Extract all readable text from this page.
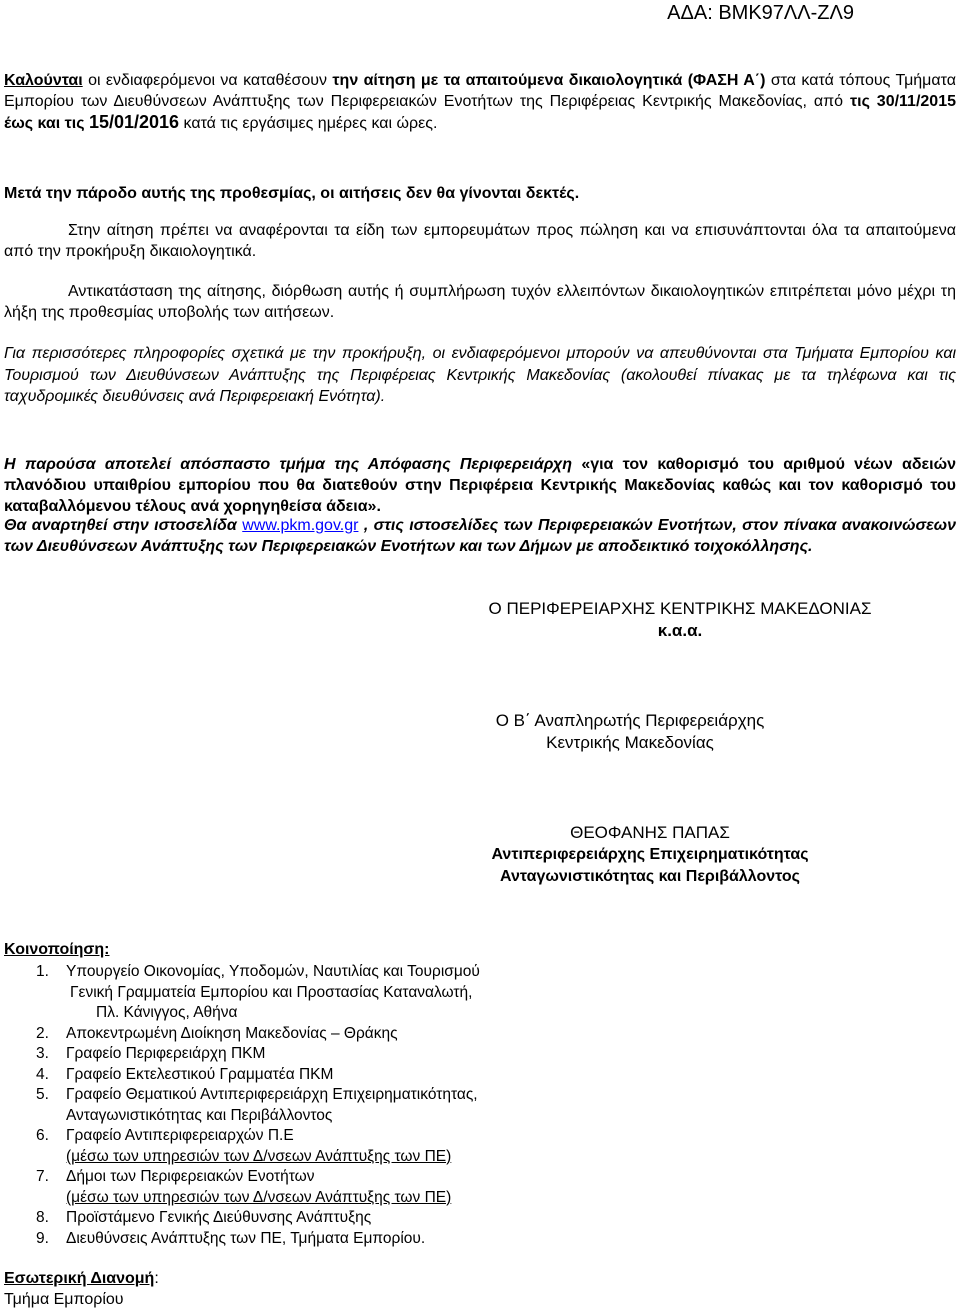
ΑΔΑ: ΒΜΚ97ΛΛ-ΖΛ9
Καλούνται οι ενδιαφερόμενοι να καταθέσουν την αίτηση με τα απαιτούμενα δικαιολογητικά (ΦΑΣΗ Α΄) στα κατά τόπους Τμήματα Εμπορίου των Διευθύνσεων Ανάπτυξης των Περιφερειακών Ενοτήτων της Περιφέρειας Κεντρικής Μακεδονίας, από τις 30/11/2015 έως και τις 15/01/2016 κατά τις εργάσιμες ημέρες και ώρες.
Μετά την πάροδο αυτής της προθεσμίας, οι αιτήσεις δεν θα γίνονται δεκτές.
Στην αίτηση πρέπει να αναφέρονται τα είδη των εμπορευμάτων προς πώληση και να επισυνάπτονται όλα τα απαιτούμενα από την προκήρυξη δικαιολογητικά.
Αντικατάσταση της αίτησης, διόρθωση αυτής ή συμπλήρωση τυχόν ελλειπόντων δικαιολογητικών επιτρέπεται μόνο μέχρι τη λήξη της προθεσμίας υποβολής των αιτήσεων.
Για περισσότερες πληροφορίες σχετικά με την προκήρυξη, οι ενδιαφερόμενοι μπορούν να απευθύνονται στα Τμήματα Εμπορίου και Τουρισμού των Διευθύνσεων Ανάπτυξης της Περιφέρειας Κεντρικής Μακεδονίας (ακολουθεί πίνακας με τα τηλέφωνα και τις ταχυδρομικές διευθύνσεις ανά Περιφερειακή Ενότητα).
Η παρούσα αποτελεί απόσπαστο τμήμα της Απόφασης Περιφερειάρχη «για τον καθορισμό του αριθμού νέων αδειών πλανόδιου υπαιθρίου εμπορίου που θα διατεθούν στην Περιφέρεια Κεντρικής Μακεδονίας καθώς και τον καθορισμό του καταβαλλόμενου τέλους ανά χορηγηθείσα άδεια».
Θα αναρτηθεί στην ιστοσελίδα www.pkm.gov.gr , στις ιστοσελίδες των Περιφερειακών Ενοτήτων, στον πίνακα ανακοινώσεων των Διευθύνσεων Ανάπτυξης των Περιφερειακών Ενοτήτων και των Δήμων με αποδεικτικό τοιχοκόλλησης.
Ο ΠΕΡΙΦΕΡΕΙΑΡΧΗΣ ΚΕΝΤΡΙΚΗΣ ΜΑΚΕΔΟΝΙΑΣ
κ.α.α.
Ο Β΄ Αναπληρωτής Περιφερειάρχης
Κεντρικής Μακεδονίας
ΘΕΟΦΑΝΗΣ ΠΑΠΑΣ
Αντιπεριφερειάρχης Επιχειρηματικότητας
Ανταγωνιστικότητας και Περιβάλλοντος
Κοινοποίηση:
1.	Υπουργείο Οικονομίας, Υποδομών, Ναυτιλίας και Τουρισμού
Γενική Γραμματεία Εμπορίου και Προστασίας Καταναλωτή,
Πλ. Κάνιγγος, Αθήνα
2.	Αποκεντρωμένη Διοίκηση Μακεδονίας – Θράκης
3.	Γραφείο Περιφερειάρχη ΠΚΜ
4.	Γραφείο Εκτελεστικού Γραμματέα ΠΚΜ
5.	Γραφείο Θεματικού Αντιπεριφερειάρχη Επιχειρηματικότητας,
Ανταγωνιστικότητας και Περιβάλλοντος
6.	Γραφείο Αντιπεριφερειαρχών Π.Ε
(μέσω των υπηρεσιών των Δ/νσεων Ανάπτυξης των ΠΕ)
7.	Δήμοι των Περιφερειακών Ενοτήτων
(μέσω των υπηρεσιών των Δ/νσεων Ανάπτυξης των ΠΕ)
8.	Προϊστάμενο Γενικής Διεύθυνσης Ανάπτυξης
9.	Διευθύνσεις Ανάπτυξης των ΠΕ, Τμήματα Εμπορίου.
Εσωτερική Διανομή:
Τμήμα Εμπορίου
